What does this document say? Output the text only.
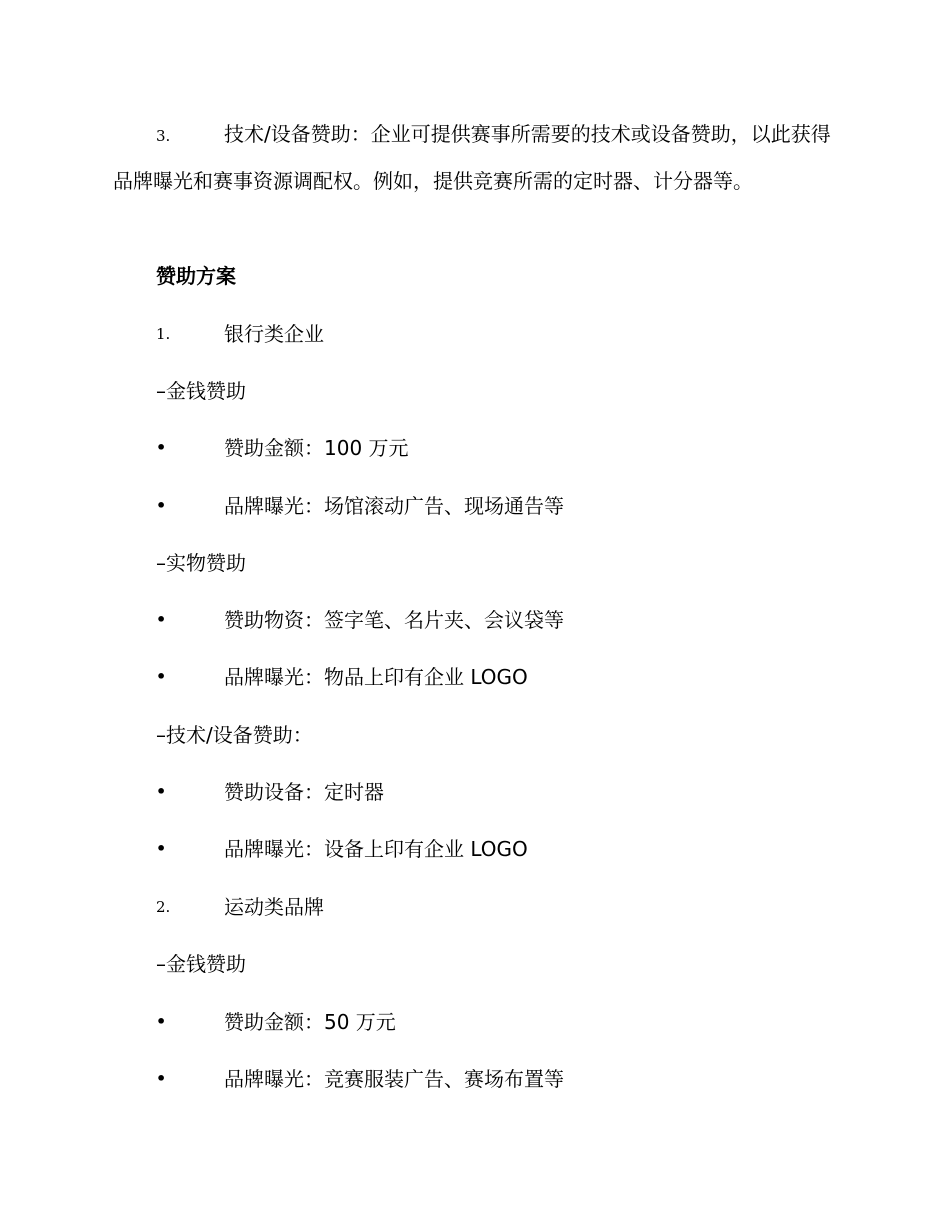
3.	技术/设备赞助：企业可提供赛事所需要的技术或设备赞助，以此获得品牌曝光和赛事资源调配权。例如，提供竞赛所需的定时器、计分器等。

赞助方案
1.	银行类企业
–金钱赞助
•	赞助金额：100 万元
•	品牌曝光：场馆滚动广告、现场通告等
–实物赞助
•	赞助物资：签字笔、名片夹、会议袋等
•	品牌曝光：物品上印有企业 LOGO
–技术/设备赞助：
•	赞助设备：定时器
•	品牌曝光：设备上印有企业 LOGO
2.	运动类品牌
–金钱赞助
•	赞助金额：50 万元
•	品牌曝光：竞赛服装广告、赛场布置等
